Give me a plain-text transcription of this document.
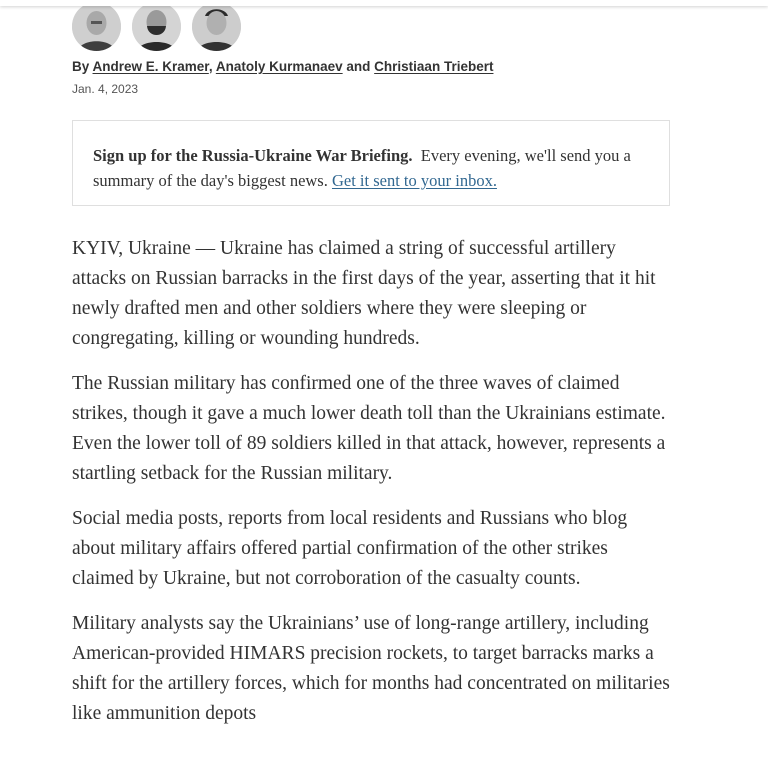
By Andrew E. Kramer, Anatoly Kurmanaev and Christiaan Triebert
Jan. 4, 2023
Sign up for the Russia-Ukraine War Briefing. Every evening, we'll send you a summary of the day's biggest news. Get it sent to your inbox.

KYIV, Ukraine — Ukraine has claimed a string of successful artillery attacks on Russian barracks in the first days of the year, asserting that it hit newly drafted men and other soldiers where they were sleeping or congregating, killing or wounding hundreds.

The Russian military has confirmed one of the three waves of claimed strikes, though it gave a much lower death toll than the Ukrainians estimate. Even the lower toll of 89 soldiers killed in that attack, however, represents a startling setback for the Russian military.

Social media posts, reports from local residents and Russians who blog about military affairs offered partial confirmation of the other strikes claimed by Ukraine, but not corroboration of the casualty counts.

Military analysts say the Ukrainians’ use of long-range artillery, including American-provided HIMARS precision rockets, to target barracks marks a shift for the artillery forces, which for months had concentrated on militaries like ammunition depots
